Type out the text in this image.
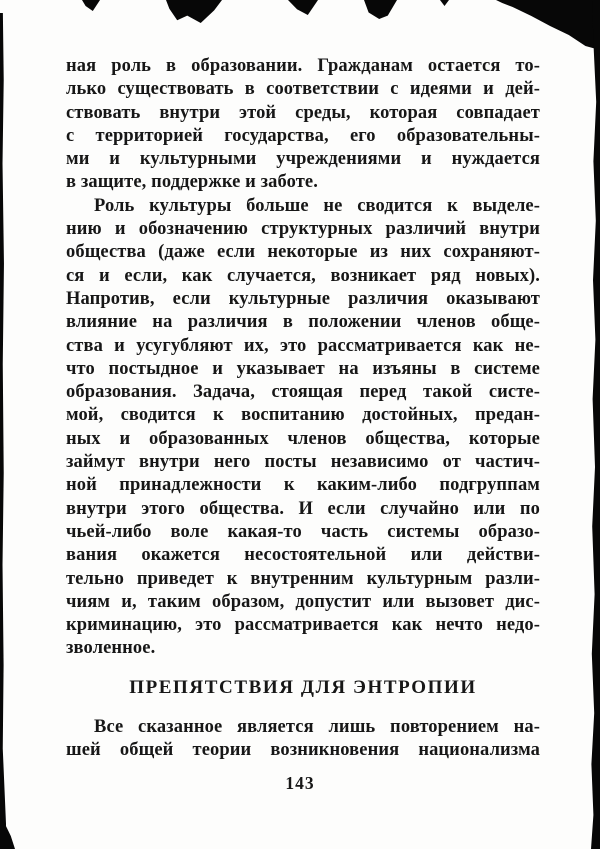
ная роль в образовании. Гражданам остается то-
лько существовать в соответствии с идеями и дей-
ствовать внутри этой среды, которая совпадает
с территорией государства, его образовательны-
ми и культурными учреждениями и нуждается
в защите, поддержке и заботе.
Роль культуры больше не сводится к выделе-
нию и обозначению структурных различий внутри
общества (даже если некоторые из них сохраняют-
ся и если, как случается, возникает ряд новых).
Напротив, если культурные различия оказывают
влияние на различия в положении членов обще-
ства и усугубляют их, это рассматривается как не-
что постыдное и указывает на изъяны в системе
образования. Задача, стоящая перед такой систе-
мой, сводится к воспитанию достойных, предан-
ных и образованных членов общества, которые
займут внутри него посты независимо от частич-
ной принадлежности к каким-либо подгруппам
внутри этого общества. И если случайно или по
чьей-либо воле какая-то часть системы образо-
вания окажется несостоятельной или действи-
тельно приведет к внутренним культурным разли-
чиям и, таким образом, допустит или вызовет дис-
криминацию, это рассматривается как нечто недо-
зволенное.
ПРЕПЯТСТВИЯ ДЛЯ ЭНТРОПИИ
Все сказанное является лишь повторением на-
шей общей теории возникновения национализма
143
